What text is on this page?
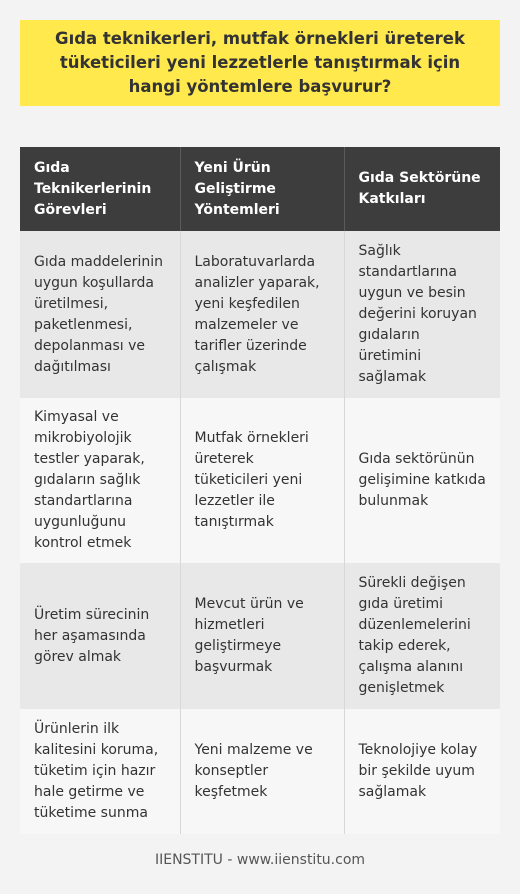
Gıda teknikerleri, mutfak örnekleri üreterek tüketicileri yeni lezzetlerle tanıştırmak için hangi yöntemlere başvurur?
Gıda Teknikerlerinin Görevleri	Yeni Ürün Geliştirme Yöntemleri	Gıda Sektörüne Katkıları
Gıda maddelerinin uygun koşullarda üretilmesi, paketlenmesi, depolanması ve dağıtılması	Laboratuvarlarda analizler yaparak, yeni keşfedilen malzemeler ve tarifler üzerinde çalışmak	Sağlık standartlarına uygun ve besin değerini koruyan gıdaların üretimini sağlamak
Kimyasal ve mikrobiyolojik testler yaparak, gıdaların sağlık standartlarına uygunluğunu kontrol etmek	Mutfak örnekleri üreterek tüketicileri yeni lezzetler ile tanıştırmak	Gıda sektörünün gelişimine katkıda bulunmak
Üretim sürecinin her aşamasında görev almak	Mevcut ürün ve hizmetleri geliştirmeye başvurmak	Sürekli değişen gıda üretimi düzenlemelerini takip ederek, çalışma alanını genişletmek
Ürünlerin ilk kalitesini koruma, tüketim için hazır hale getirme ve tüketime sunma	Yeni malzeme ve konseptler keşfetmek	Teknolojiye kolay bir şekilde uyum sağlamak
IIENSTITU - www.iienstitu.com
